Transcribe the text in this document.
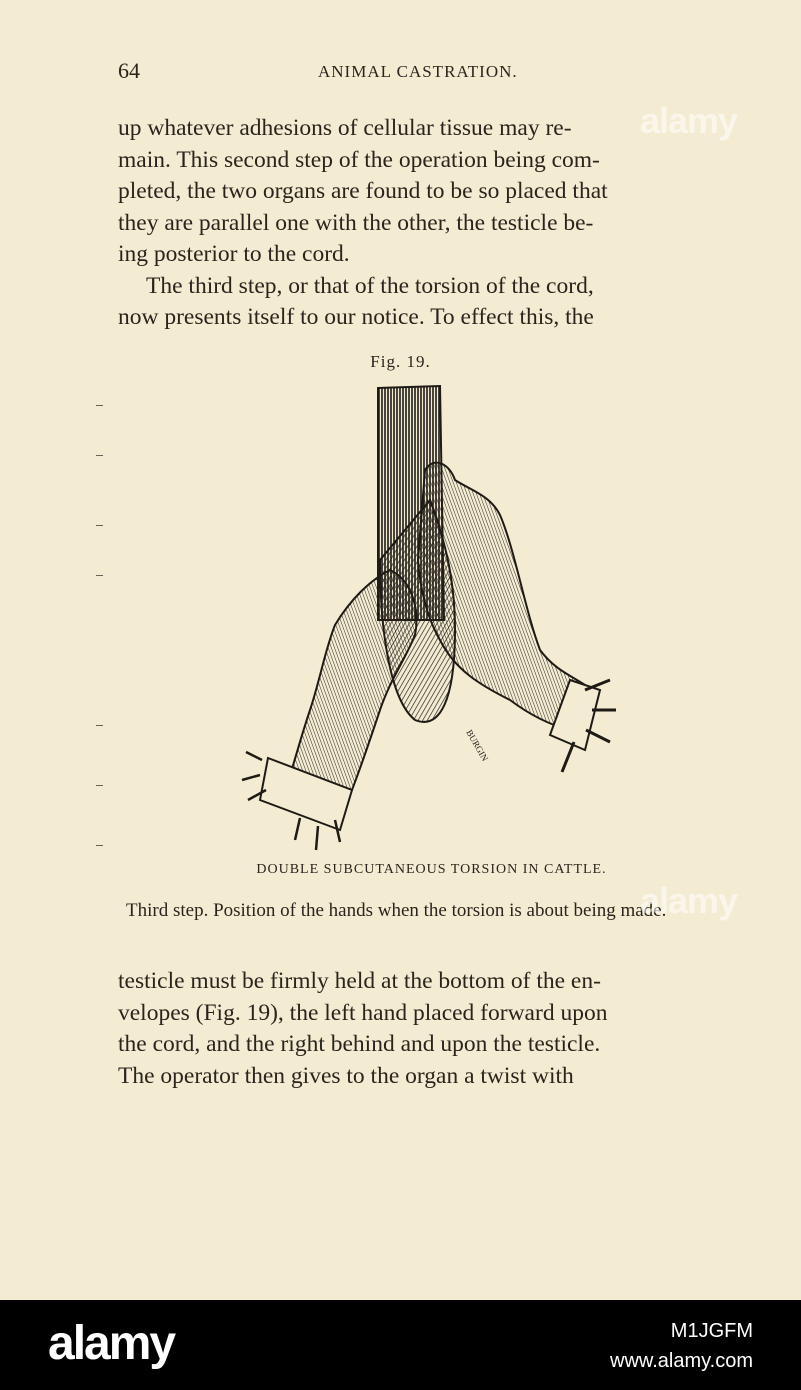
64	ANIMAL CASTRATION.
up whatever adhesions of cellular tissue may re-
main. This second step of the operation being com-
pleted, the two organs are found to be so placed that
they are parallel one with the other, the testicle be-
ing posterior to the cord.
The third step, or that of the torsion of the cord,
now presents itself to our notice. To effect this, the
Fig. 19.
BURGIN
DOUBLE SUBCUTANEOUS TORSION IN CATTLE.
Third step. Position of the hands when the torsion is about being made.
testicle must be firmly held at the bottom of the en-
velopes (Fig. 19), the left hand placed forward upon
the cord, and the right behind and upon the testicle.
The operator then gives to the organ a twist with
alamy
alamy
alamy	M1JGFM
www.alamy.com
